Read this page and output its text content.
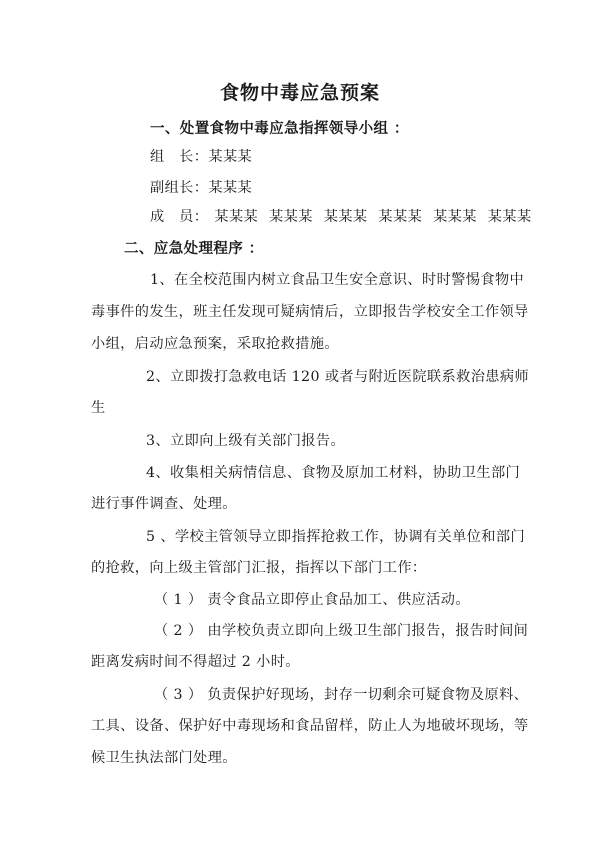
食物中毒应急预案
一、处置食物中毒应急指挥领导小组 ：
组　长：某某某
副组长：某某某
成　员： 某某某 某某某 某某某 某某某 某某某 某某某
二、应急处理程序 ：
1、在全校范围内树立食品卫生安全意识、时时警惕食物中
毒事件的发生，班主任发现可疑病情后，立即报告学校安全工作领导
小组，启动应急预案，采取抢救措施。
2、立即拨打急救电话 120 或者与附近医院联系救治患病师
生
3、立即向上级有关部门报告。
4、收集相关病情信息、食物及原加工材料，协助卫生部门
进行事件调查、处理。
5 、学校主管领导立即指挥抢救工作，协调有关单位和部门
的抢救，向上级主管部门汇报，指挥以下部门工作：
（ 1 ） 责令食品立即停止食品加工、供应活动。
（ 2 ） 由学校负责立即向上级卫生部门报告，报告时间间
距离发病时间不得超过 2 小时。
（ 3 ） 负责保护好现场，封存一切剩余可疑食物及原料、
工具、设备、保护好中毒现场和食品留样，防止人为地破坏现场，等
候卫生执法部门处理。
